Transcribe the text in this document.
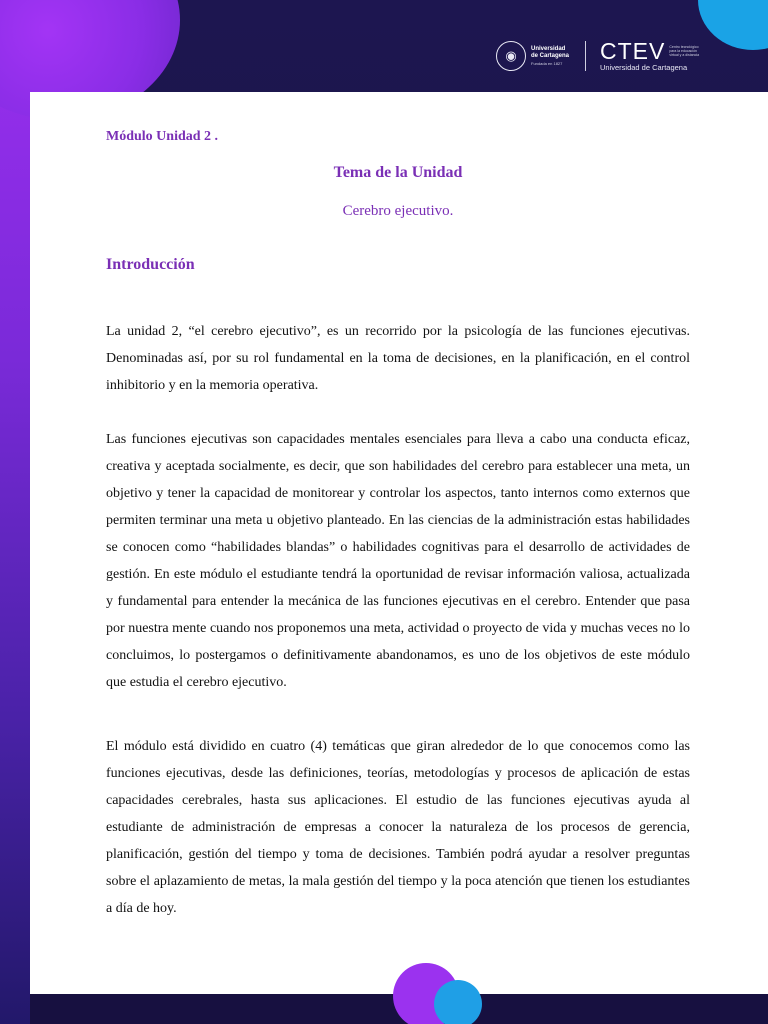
◉	Universidad de Cartagena
Fundada en 1827	CTEV Centro tecnológico para la educación virtual y a distancia
Universidad de Cartagena

Módulo Unidad 2 .

Tema de la Unidad

Cerebro ejecutivo.

Introducción

La unidad 2, “el cerebro ejecutivo”, es un recorrido por la psicología de las funciones ejecutivas. Denominadas así, por su rol fundamental en la toma de decisiones, en la planificación, en el control inhibitorio y en la memoria operativa.

Las funciones ejecutivas son capacidades mentales esenciales para lleva a cabo una conducta eficaz, creativa y aceptada socialmente, es decir, que son habilidades del cerebro para establecer una meta, un objetivo y tener la capacidad de monitorear y controlar los aspectos, tanto internos como externos que permiten terminar una meta u objetivo planteado. En las ciencias de la administración estas habilidades se conocen como “habilidades blandas” o habilidades cognitivas para el desarrollo de actividades de gestión. En este módulo el estudiante tendrá la oportunidad de revisar información valiosa, actualizada y fundamental para entender la mecánica de las funciones ejecutivas en el cerebro. Entender que pasa por nuestra mente cuando nos proponemos una meta, actividad o proyecto de vida y muchas veces no lo concluimos, lo postergamos o definitivamente abandonamos, es uno de los objetivos de este módulo que estudia el cerebro ejecutivo.

El módulo está dividido en cuatro (4) temáticas que giran alrededor de lo que conocemos como las funciones ejecutivas, desde las definiciones, teorías, metodologías y procesos de aplicación de estas capacidades cerebrales, hasta sus aplicaciones. El estudio de las funciones ejecutivas ayuda al estudiante de administración de empresas a conocer la naturaleza de los procesos de gerencia, planificación, gestión del tiempo y toma de decisiones. También podrá ayudar a resolver preguntas sobre el aplazamiento de metas, la mala gestión del tiempo y la poca atención que tienen los estudiantes a día de hoy.
